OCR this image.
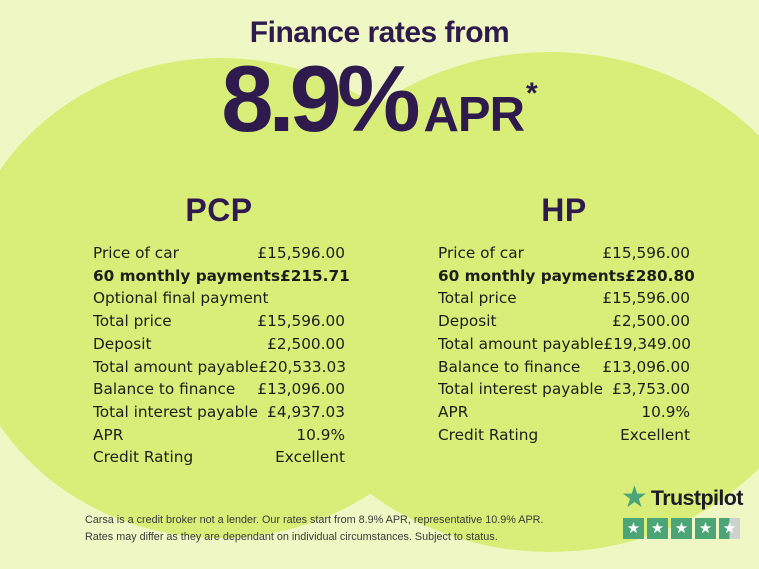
Finance rates from
8.9% APR *
PCP
Price of car	£15,596.00
60 monthly payments £215.71
Optional final payment
Total price	£15,596.00
Deposit	£2,500.00
Total amount payable £20,533.03
Balance to finance £13,096.00
Total interest payable £4,937.03
APR	10.9%
Credit Rating	Excellent
HP
Price of car	£15,596.00
60 monthly payments £280.80
Total price	£15,596.00
Deposit	£2,500.00
Total amount payable £19,349.00
Balance to finance £13,096.00
Total interest payable £3,753.00
APR	10.9%
Credit Rating	Excellent
Carsa is a credit broker not a lender. Our rates start from 8.9% APR, representative 10.9% APR.
Rates may differ as they are dependant on individual circumstances. Subject to status.
★ Trustpilot
★ ★ ★ ★ ★
